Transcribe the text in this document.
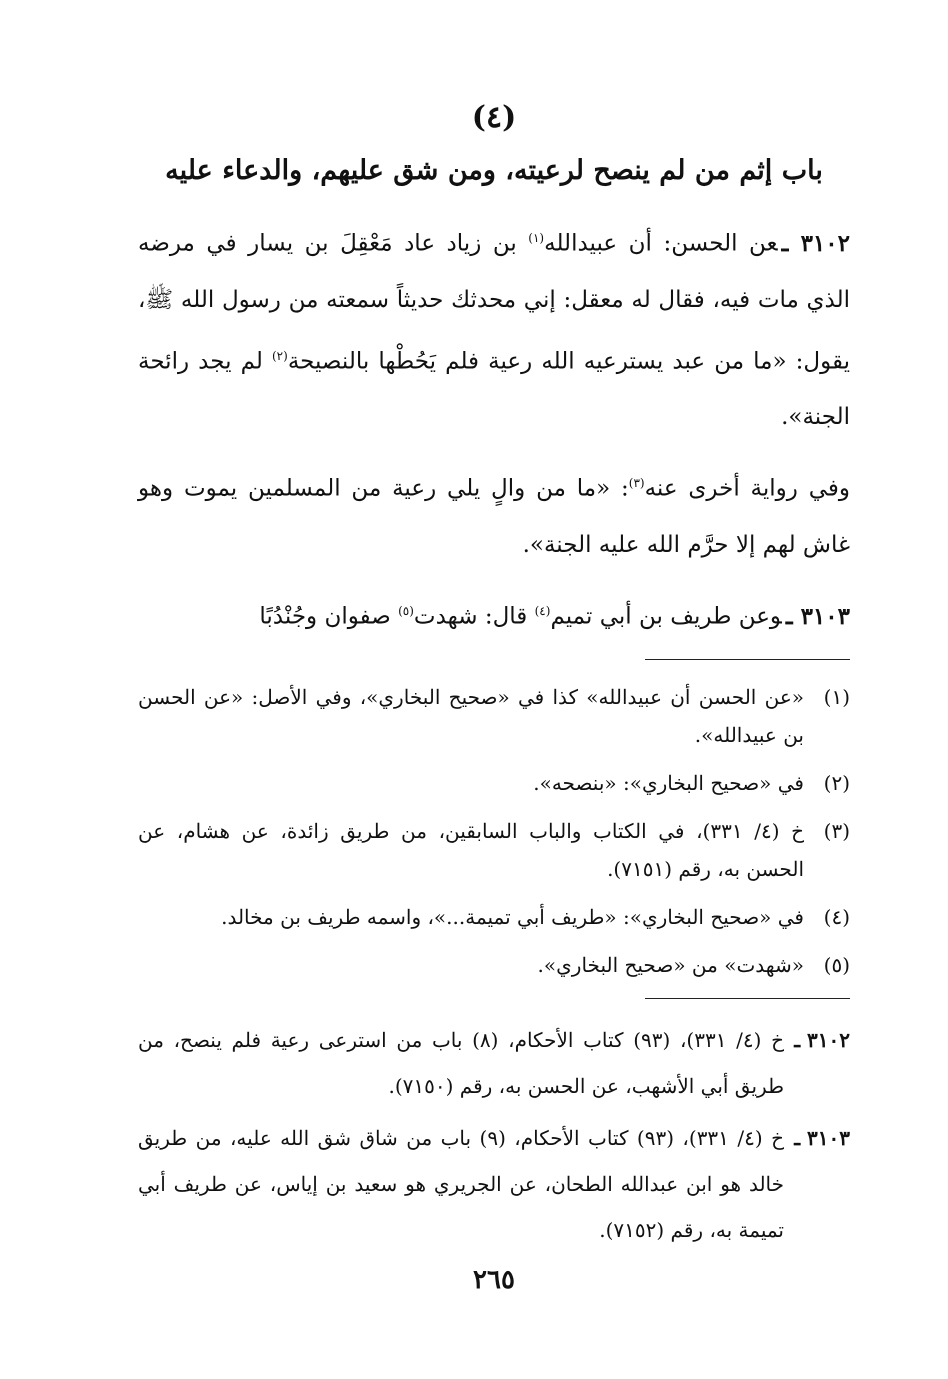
(٤)
باب إثم من لم ينصح لرعيته، ومن شق عليهم، والدعاء عليه
٣١٠٢ ـعن الحسن: أن عبيدالله$^{(١)}$ بن زياد عاد مَعْقِلَ بن يسار في مرضه الذي مات فيه، فقال له معقل: إني محدثك حديثاً سمعته من رسول الله ﷺ، يقول: «ما من عبد يسترعيه الله رعية فلم يَحُطْها بالنصيحة$^{(٢)}$ لم يجد رائحة الجنة».
وفي رواية أخرى عنه$^{(٣)}$: «ما من والٍ يلي رعية من المسلمين يموت وهو غاش لهم إلا حرَّم الله عليه الجنة».
٣١٠٣ ـوعن طريف بن أبي تميم$^{(٤)}$ قال: شهدت$^{(٥)}$ صفوان وجُنْدُبًا
(١)
«عن الحسن أن عبيدالله» كذا في «صحيح البخاري»، وفي الأصل: «عن الحسن بن عبيدالله».
(٢)
في «صحيح البخاري»: «بنصحه».
(٣)
خ (٤/ ٣٣١)، في الكتاب والباب السابقين، من طريق زائدة، عن هشام، عن الحسن به، رقم (٧١٥١).
(٤)
في «صحيح البخاري»: «طريف أبي تميمة...»، واسمه طريف بن مخالد.
(٥)
«شهدت» من «صحيح البخاري».
٣١٠٢ ـ
خ (٤/ ٣٣١)، (٩٣) كتاب الأحكام، (٨) باب من استرعى رعية فلم ينصح، من طريق أبي الأشهب، عن الحسن به، رقم (٧١٥٠).
٣١٠٣ ـ
خ (٤/ ٣٣١)، (٩٣) كتاب الأحكام، (٩) باب من شاق شق الله عليه، من طريق خالد هو ابن عبدالله الطحان، عن الجريري هو سعيد بن إياس، عن طريف أبي تميمة به، رقم (٧١٥٢).
٢٦٥
